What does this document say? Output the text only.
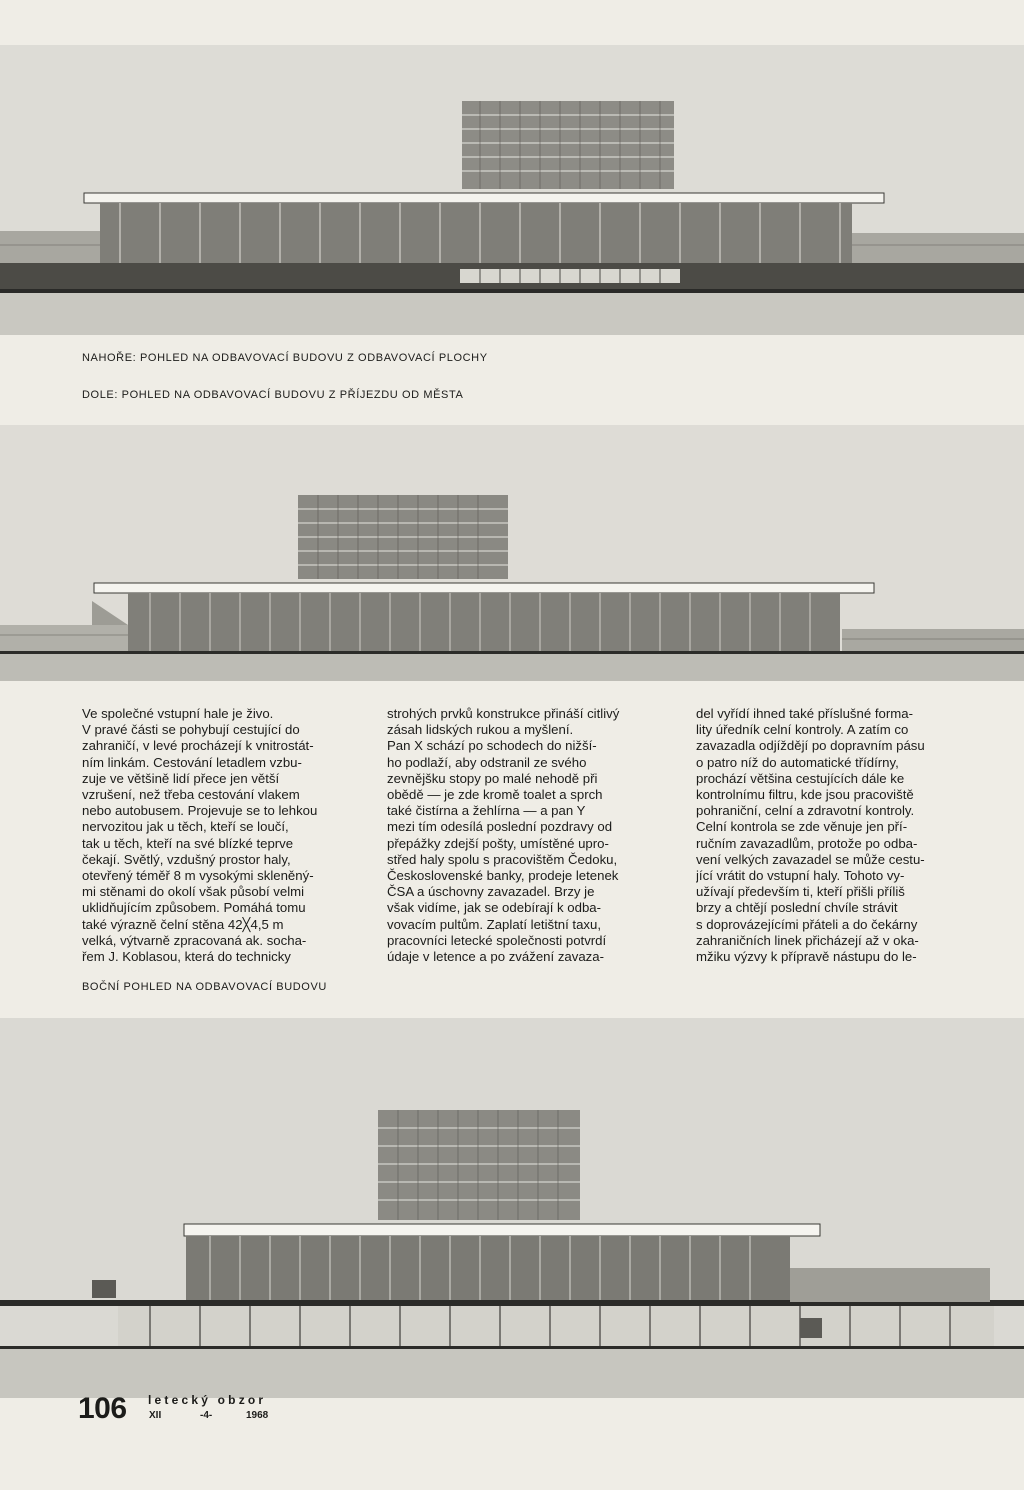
NAHOŘE: POHLED NA ODBAVOVACÍ BUDOVU Z ODBAVOVACÍ PLOCHY
DOLE: POHLED NA ODBAVOVACÍ BUDOVU Z PŘÍJEZDU OD MĚSTA
Ve společné vstupní hale je živo.
V pravé části se pohybují cestující do
zahraničí, v levé procházejí k vnitrostát-
ním linkám. Cestování letadlem vzbu-
zuje ve většině lidí přece jen větší
vzrušení, než třeba cestování vlakem
nebo autobusem. Projevuje se to lehkou
nervozitou jak u těch, kteří se loučí,
tak u těch, kteří na své blízké teprve
čekají. Světlý, vzdušný prostor haly,
otevřený téměř 8 m vysokými skleněný-
mi stěnami do okolí však působí velmi
uklidňujícím způsobem. Pomáhá tomu
také výrazně čelní stěna 42╳4,5 m
velká, výtvarně zpracovaná ak. socha-
řem J. Koblasou, která do technicky
strohých prvků konstrukce přináší citlivý
zásah lidských rukou a myšlení.
Pan X schází po schodech do nižší-
ho podlaží, aby odstranil ze svého
zevnějšku stopy po malé nehodě při
obědě — je zde kromě toalet a sprch
také čistírna a žehlírna — a pan Y
mezi tím odesílá poslední pozdravy od
přepážky zdejší pošty, umístěné upro-
střed haly spolu s pracovištěm Čedoku,
Československé banky, prodeje letenek
ČSA a úschovny zavazadel. Brzy je
však vidíme, jak se odebírají k odba-
vovacím pultům. Zaplatí letištní taxu,
pracovníci letecké společnosti potvrdí
údaje v letence a po zvážení zavaza-
del vyřídí ihned také příslušné forma-
lity úředník celní kontroly. A zatím co
zavazadla odjíždějí po dopravním pásu
o patro níž do automatické třídírny,
prochází většina cestujících dále ke
kontrolnímu filtru, kde jsou pracoviště
pohraniční, celní a zdravotní kontroly.
Celní kontrola se zde věnuje jen pří-
ručním zavazadlům, protože po odba-
vení velkých zavazadel se může cestu-
jící vrátit do vstupní haly. Tohoto vy-
užívají především ti, kteří přišli příliš
brzy a chtějí poslední chvíle strávit
s doprovázejícími přáteli a do čekárny
zahraničních linek přicházejí až v oka-
mžiku výzvy k přípravě nástupu do le-
BOČNÍ POHLED NA ODBAVOVACÍ BUDOVU
106 letecký obzor
XII	-4-	1968
